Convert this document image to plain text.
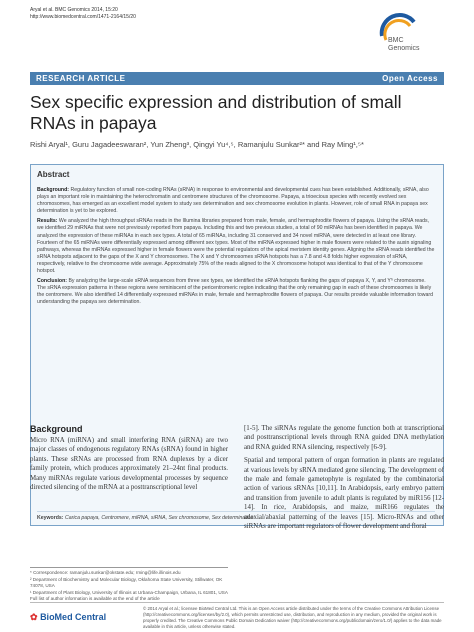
Aryal et al. BMC Genomics 2014, 15:20
http://www.biomedcentral.com/1471-2164/15/20
BMC
Genomics
RESEARCH ARTICLE	Open Access
Sex specific expression and distribution of small RNAs in papaya
Rishi Aryal¹, Guru Jagadeeswaran², Yun Zheng³, Qingyi Yu⁴,⁵, Ramanjulu Sunkar²* and Ray Ming¹,⁵*
Abstract

Background: Regulatory function of small non-coding RNAs (sRNA) in response to environmental and developmental cues has been established. Additionally, sRNA, also plays an important role in maintaining the heterochromatin and centromere structures of the chromosome. Papaya, a trioecious species with recently evolved sex chromosomes, has emerged as an excellent model system to study sex determination and sex chromosome evolution in plants. However, role of small RNA in papaya sex determination is yet to be explored.

Results: We analyzed the high throughput sRNAs reads in the Illumina libraries prepared from male, female, and hermaphrodite flowers of papaya. Using the sRNA reads, we identified 29 miRNAs that were not previously reported from papaya. Including this and two previous studies, a total of 90 miRNAs has been identified in papaya. We analyzed the expression of these miRNAs in each sex types. A total of 65 miRNAs, including 31 conserved and 34 novel miRNA, were detected in at least one library. Fourteen of the 65 miRNAs were differentially expressed among different sex types. Most of the miRNA expressed higher in male flowers were related to the auxin signaling pathways, whereas the miRNAs expressed higher in female flowers were the potential regulators of the apical meristem identity genes. Aligning the sRNA reads identified the sRNA hotspots adjacent to the gaps of the X and Y chromosomes. The X and Y chromosomes sRNA hotspots has a 7.8 and 4.8 folds higher expression of sRNA, respectively, relative to the chromosome wide average. Approximately 75% of the reads aligned to the X chromosome hotspot was identical to that of the Y chromosome hotspot.

Conclusion: By analyzing the large-scale sRNA sequences from three sex types, we identified the sRNA hotspots flanking the gaps of papaya X, Y, and Yʰ chromosome. The sRNA expression patterns in these regions were reminiscent of the pericentromeric region indicating that the only remaining gap in each of these chromosomes is likely the centromere. We also identified 14 differentially expressed miRNAs in male, female and hermaphrodite flowers of papaya. Our results provide valuable information toward understanding the papaya sex determination.

Keywords: Carica papaya, Centromere, miRNA, siRNA, Sex chromosome, Sex determination
Background

Micro RNA (miRNA) and small interfering RNA (siRNA) are two major classes of endogenous regulatory RNAs (sRNA) found in higher plants. These sRNAs are processed from RNA duplexes by a dicer family protein, which produces approximately 21–24nt final products. Many miRNAs regulate various developmental processes by sequence directed silencing of the mRNA at a posttranscriptional level

* Correspondence: ramanjulu.sunkar@okstate.edu; rming@life.illinois.edu

² Department of Biochemistry and Molecular Biology, Oklahoma State University, Stillwater, OK 74078, USA

¹ Department of Plant Biology, University of Illinois at Urbana-Champaign, Urbana, IL 61801, USA

Full list of author information is available at the end of the article

[1-5]. The siRNAs regulate the genome function both at transcriptional and posttranscriptional levels through RNA guided DNA methylation and RNA guided RNA silencing, respectively [6-9].

Spatial and temporal pattern of organ formation in plants are regulated at various levels by sRNA mediated gene silencing. The development of the male and female gametophyte is regulated by the combinatorial action of various sRNAs [10,11]. In Arabidopsis, early embryo pattern and transition from juvenile to adult plants is regulated by miR156 [12-14]. In rice, Arabidopsis, and maize, miR166 regulates the adaxial/abaxial patterning of the leaves [15]. Micro-RNAs and other siRNAs are important regulators of flower development and floral

✿ BioMed Central
© 2014 Aryal et al.; licensee BioMed Central Ltd. This is an Open Access article distributed under the terms of the Creative Commons Attribution License (http://creativecommons.org/licenses/by/2.0), which permits unrestricted use, distribution, and reproduction in any medium, provided the original work is properly credited. The Creative Commons Public Domain Dedication waiver (http://creativecommons.org/publicdomain/zero/1.0/) applies to the data made available in this article, unless otherwise stated.
